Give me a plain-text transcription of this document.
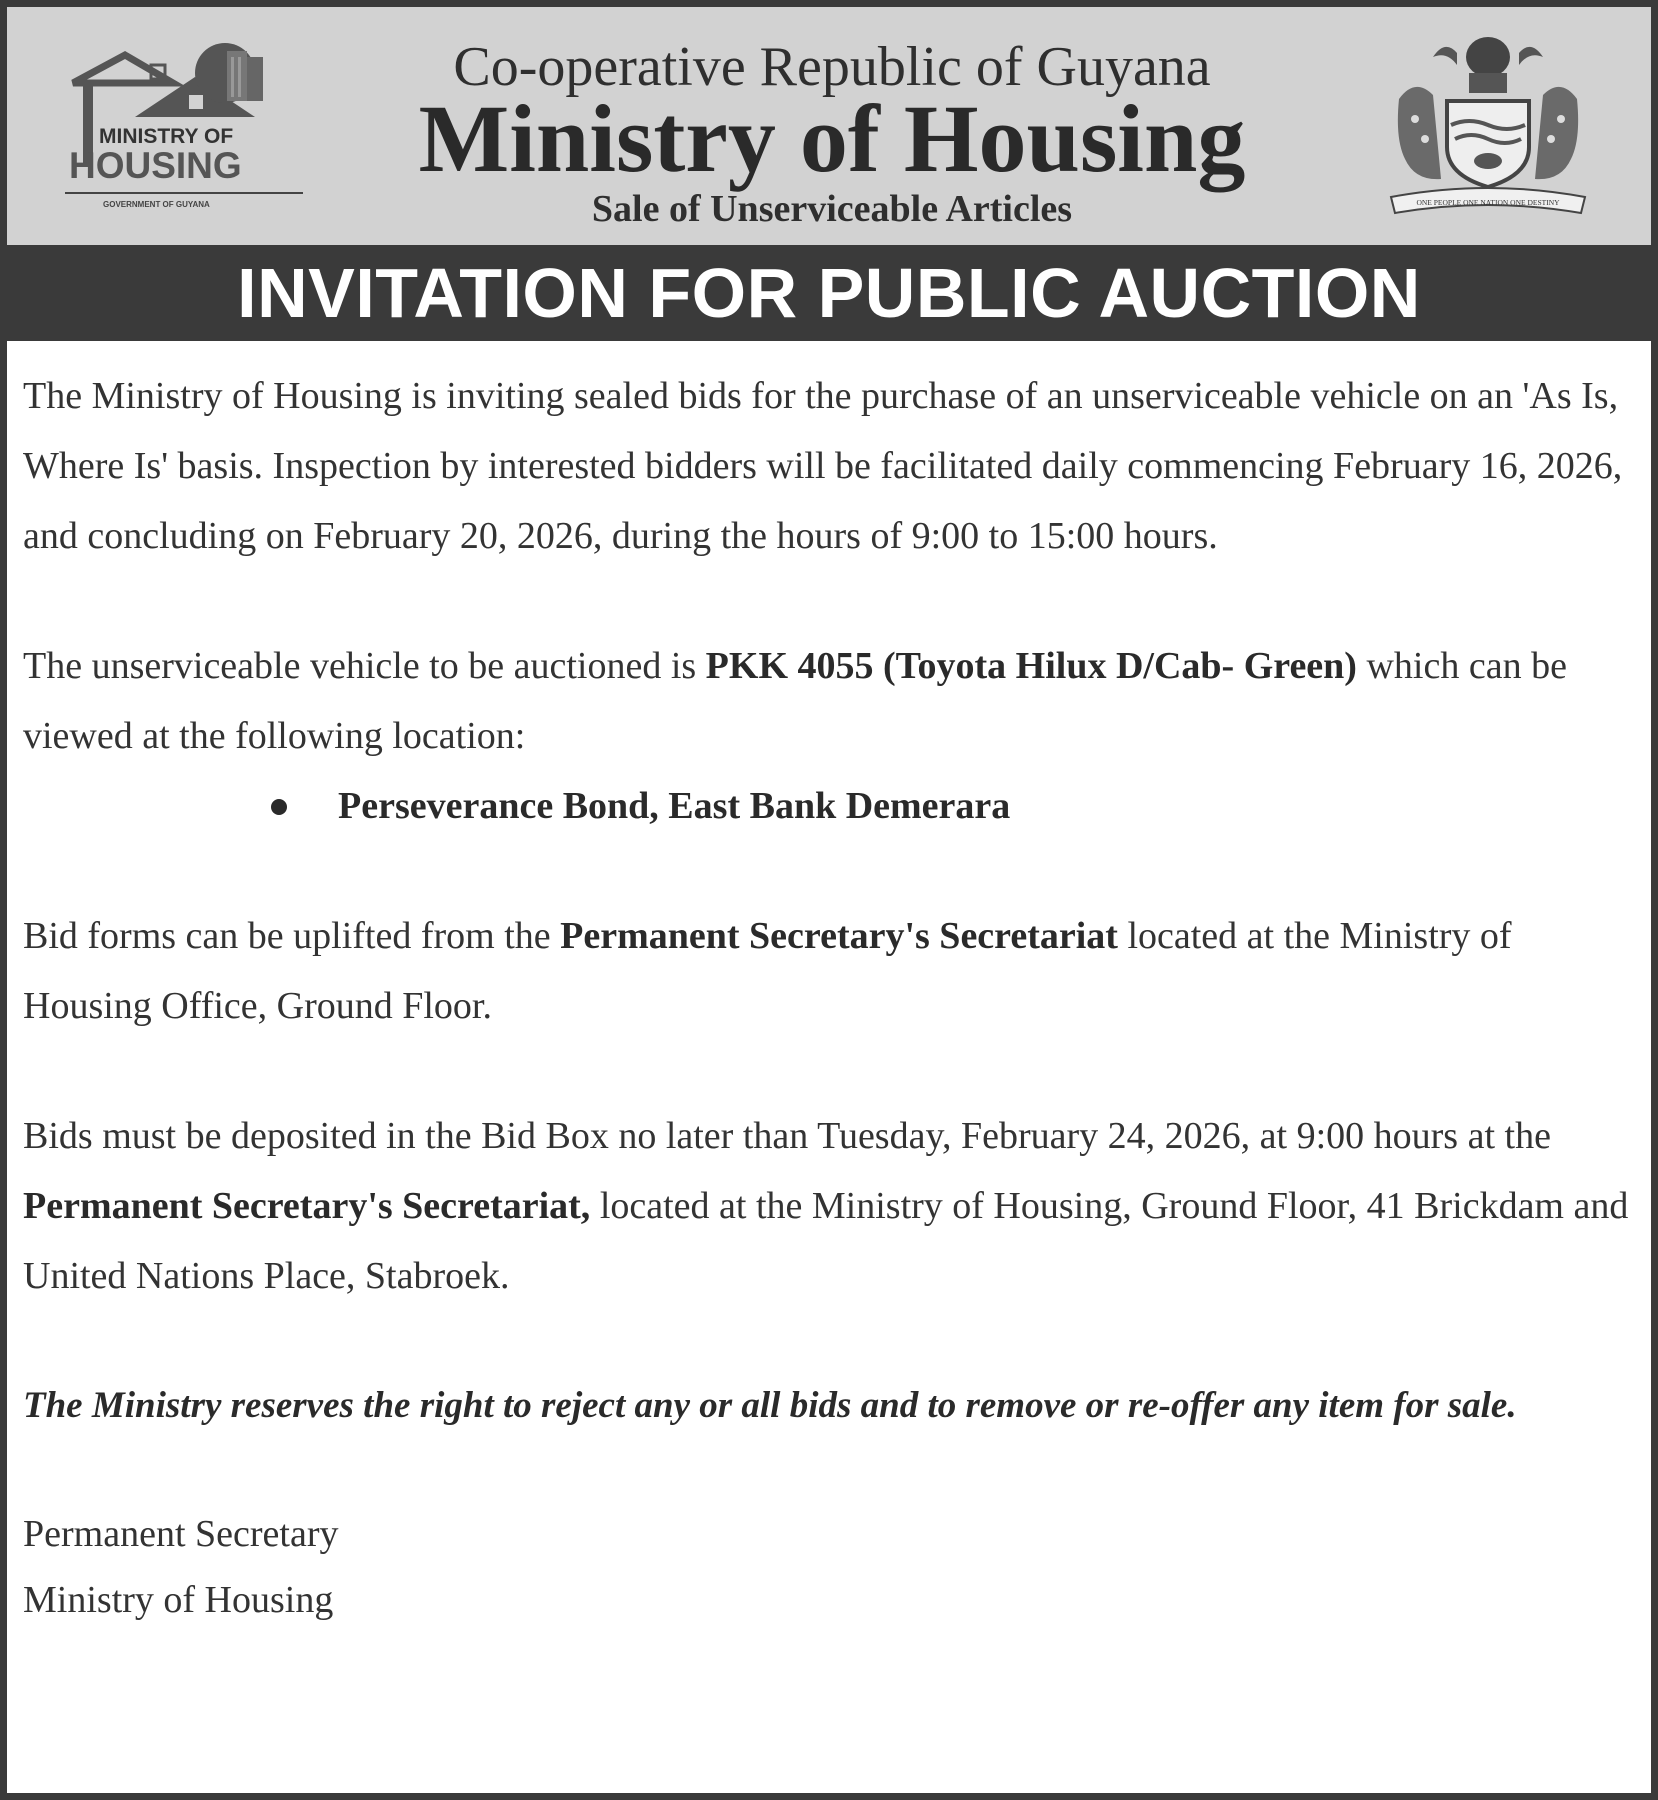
MINISTRY OF
HOUSING
GOVERNMENT OF GUYANA
Co-operative Republic of Guyana
Ministry of Housing
Sale of Unserviceable Articles	ONE PEOPLE ONE NATION ONE DESTINY
INVITATION FOR PUBLIC AUCTION

The Ministry of Housing is inviting sealed bids for the purchase of an unserviceable vehicle on an 'As Is, Where Is' basis. Inspection by interested bidders will be facilitated daily commencing February 16, 2026, and concluding on February 20, 2026, during the hours of 9:00 to 15:00 hours.

The unserviceable vehicle to be auctioned is PKK 4055 (Toyota Hilux D/Cab- Green) which can be viewed at the following location:

Perseverance Bond, East Bank Demerara

Bid forms can be uplifted from the Permanent Secretary's Secretariat located at the Ministry of Housing Office, Ground Floor.

Bids must be deposited in the Bid Box no later than Tuesday, February 24, 2026, at 9:00 hours at the Permanent Secretary's Secretariat, located at the Ministry of Housing, Ground Floor, 41 Brickdam and United Nations Place, Stabroek.

The Ministry reserves the right to reject any or all bids and to remove or re-offer any item for sale.

Permanent Secretary

Ministry of Housing
